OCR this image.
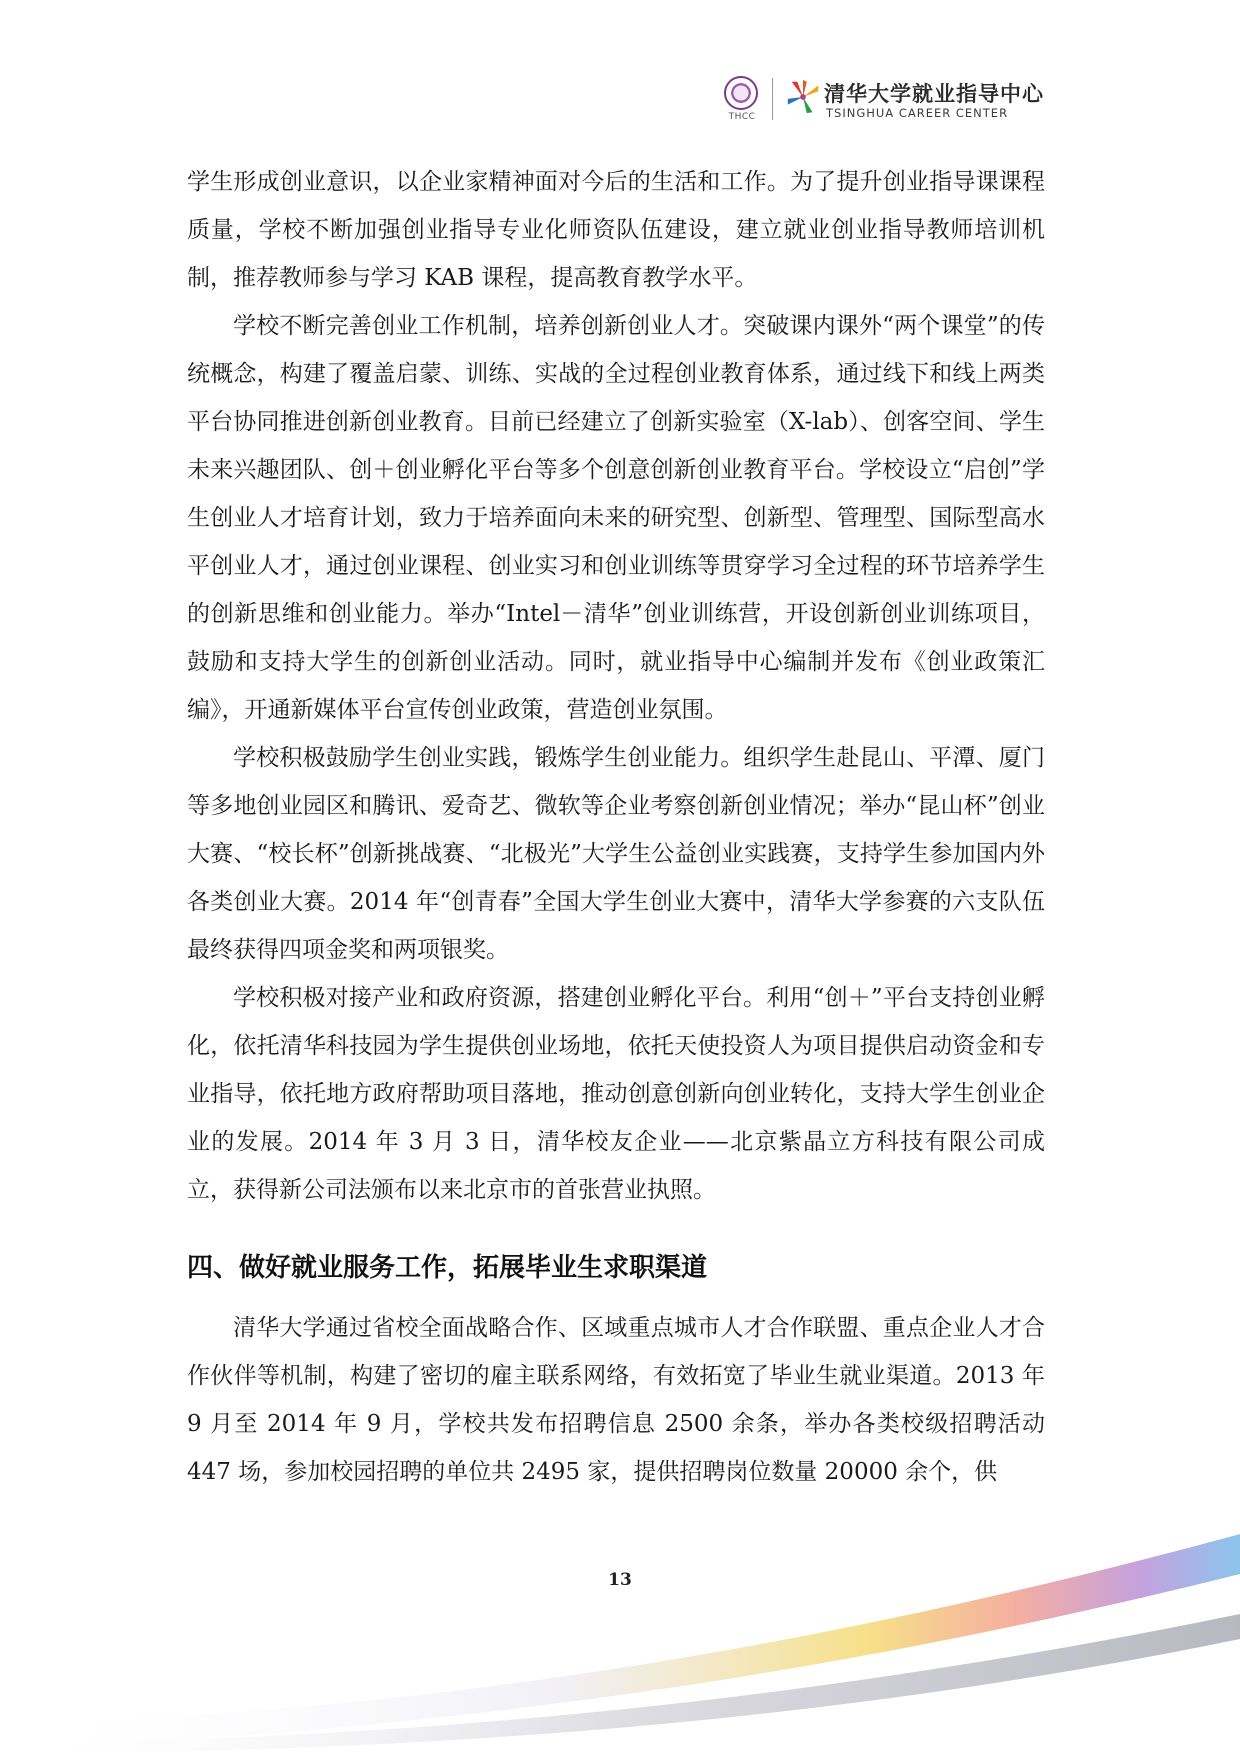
THCC
清华大学就业指导中心
TSINGHUA CAREER CENTER

学生形成创业意识，以企业家精神面对今后的生活和工作。为了提升创业指导课课程质量，学校不断加强创业指导专业化师资队伍建设，建立就业创业指导教师培训机制，推荐教师参与学习 KAB 课程，提高教育教学水平。

学校不断完善创业工作机制，培养创新创业人才。突破课内课外“两个课堂”的传统概念，构建了覆盖启蒙、训练、实战的全过程创业教育体系，通过线下和线上两类平台协同推进创新创业教育。目前已经建立了创新实验室（X-lab）、创客空间、学生未来兴趣团队、创＋创业孵化平台等多个创意创新创业教育平台。学校设立“启创”学生创业人才培育计划，致力于培养面向未来的研究型、创新型、管理型、国际型高水平创业人才，通过创业课程、创业实习和创业训练等贯穿学习全过程的环节培养学生的创新思维和创业能力。举办“Intel－清华”创业训练营，开设创新创业训练项目，鼓励和支持大学生的创新创业活动。同时，就业指导中心编制并发布《创业政策汇编》，开通新媒体平台宣传创业政策，营造创业氛围。

学校积极鼓励学生创业实践，锻炼学生创业能力。组织学生赴昆山、平潭、厦门等多地创业园区和腾讯、爱奇艺、微软等企业考察创新创业情况；举办“昆山杯”创业大赛、“校长杯”创新挑战赛、“北极光”大学生公益创业实践赛，支持学生参加国内外各类创业大赛。2014 年“创青春”全国大学生创业大赛中，清华大学参赛的六支队伍最终获得四项金奖和两项银奖。

学校积极对接产业和政府资源，搭建创业孵化平台。利用“创＋”平台支持创业孵化，依托清华科技园为学生提供创业场地，依托天使投资人为项目提供启动资金和专业指导，依托地方政府帮助项目落地，推动创意创新向创业转化，支持大学生创业企业的发展。2014 年 3 月 3 日，清华校友企业——北京紫晶立方科技有限公司成立，获得新公司法颁布以来北京市的首张营业执照。

四、做好就业服务工作，拓展毕业生求职渠道

清华大学通过省校全面战略合作、区域重点城市人才合作联盟、重点企业人才合作伙伴等机制，构建了密切的雇主联系网络，有效拓宽了毕业生就业渠道。2013 年 9 月至 2014 年 9 月，学校共发布招聘信息 2500 余条，举办各类校级招聘活动 447 场，参加校园招聘的单位共 2495 家，提供招聘岗位数量 20000 余个，供

13
